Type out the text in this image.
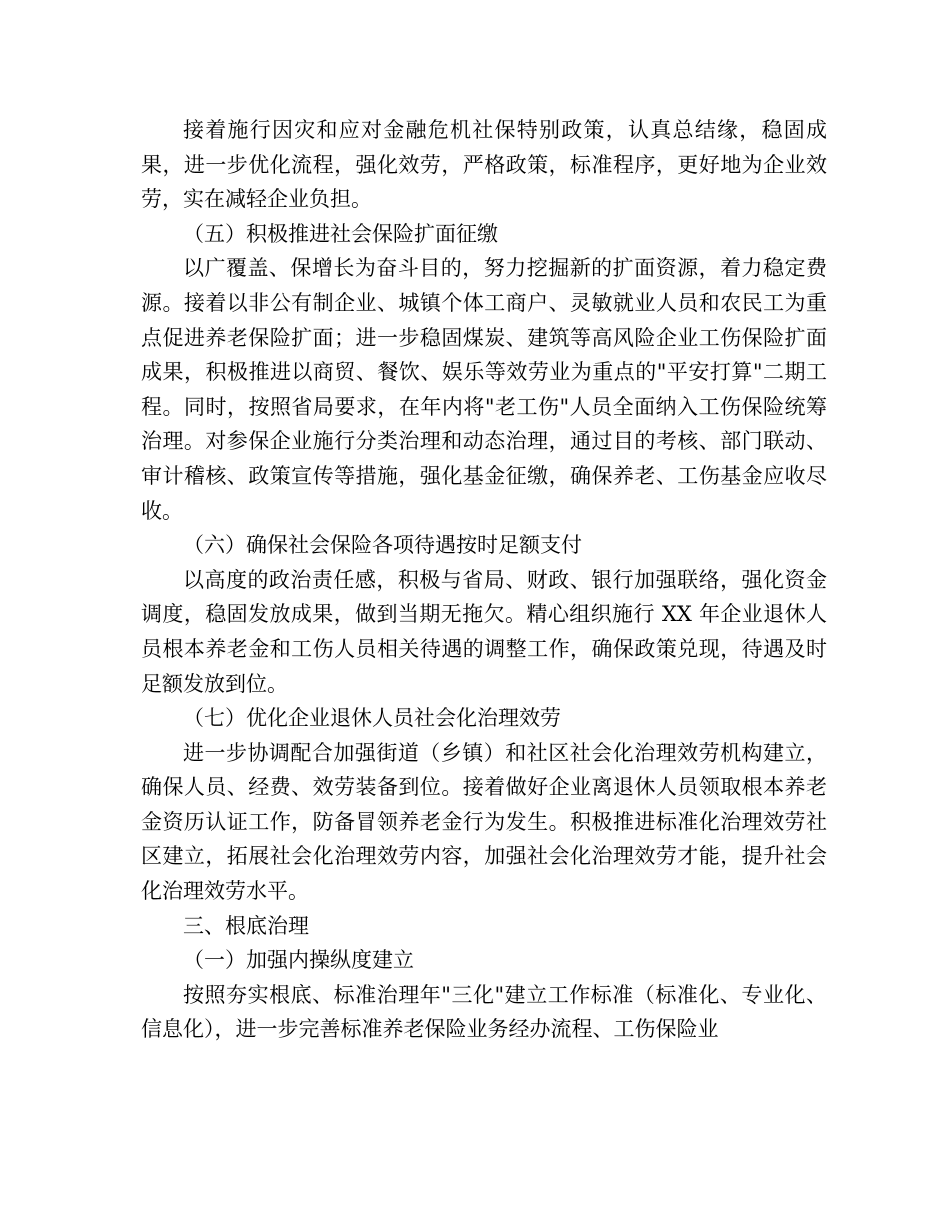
接着施行因灾和应对金融危机社保特别政策，认真总结缘，稳固成果，进一步优化流程，强化效劳，严格政策，标准程序，更好地为企业效劳，实在减轻企业负担。

（五）积极推进社会保险扩面征缴

以广覆盖、保增长为奋斗目的，努力挖掘新的扩面资源，着力稳定费源。接着以非公有制企业、城镇个体工商户、灵敏就业人员和农民工为重点促进养老保险扩面；进一步稳固煤炭、建筑等高风险企业工伤保险扩面成果，积极推进以商贸、餐饮、娱乐等效劳业为重点的"平安打算"二期工程。同时，按照省局要求，在年内将"老工伤"人员全面纳入工伤保险统筹治理。对参保企业施行分类治理和动态治理，通过目的考核、部门联动、审计稽核、政策宣传等措施，强化基金征缴，确保养老、工伤基金应收尽收。

（六）确保社会保险各项待遇按时足额支付

以高度的政治责任感，积极与省局、财政、银行加强联络，强化资金调度，稳固发放成果，做到当期无拖欠。精心组织施行 XX 年企业退休人员根本养老金和工伤人员相关待遇的调整工作，确保政策兑现，待遇及时足额发放到位。

（七）优化企业退休人员社会化治理效劳

进一步协调配合加强街道（乡镇）和社区社会化治理效劳机构建立，确保人员、经费、效劳装备到位。接着做好企业离退休人员领取根本养老金资历认证工作，防备冒领养老金行为发生。积极推进标准化治理效劳社区建立，拓展社会化治理效劳内容，加强社会化治理效劳才能，提升社会化治理效劳水平。

三、根底治理

（一）加强内操纵度建立

按照夯实根底、标准治理年"三化"建立工作标准（标准化、专业化、信息化），进一步完善标准养老保险业务经办流程、工伤保险业
